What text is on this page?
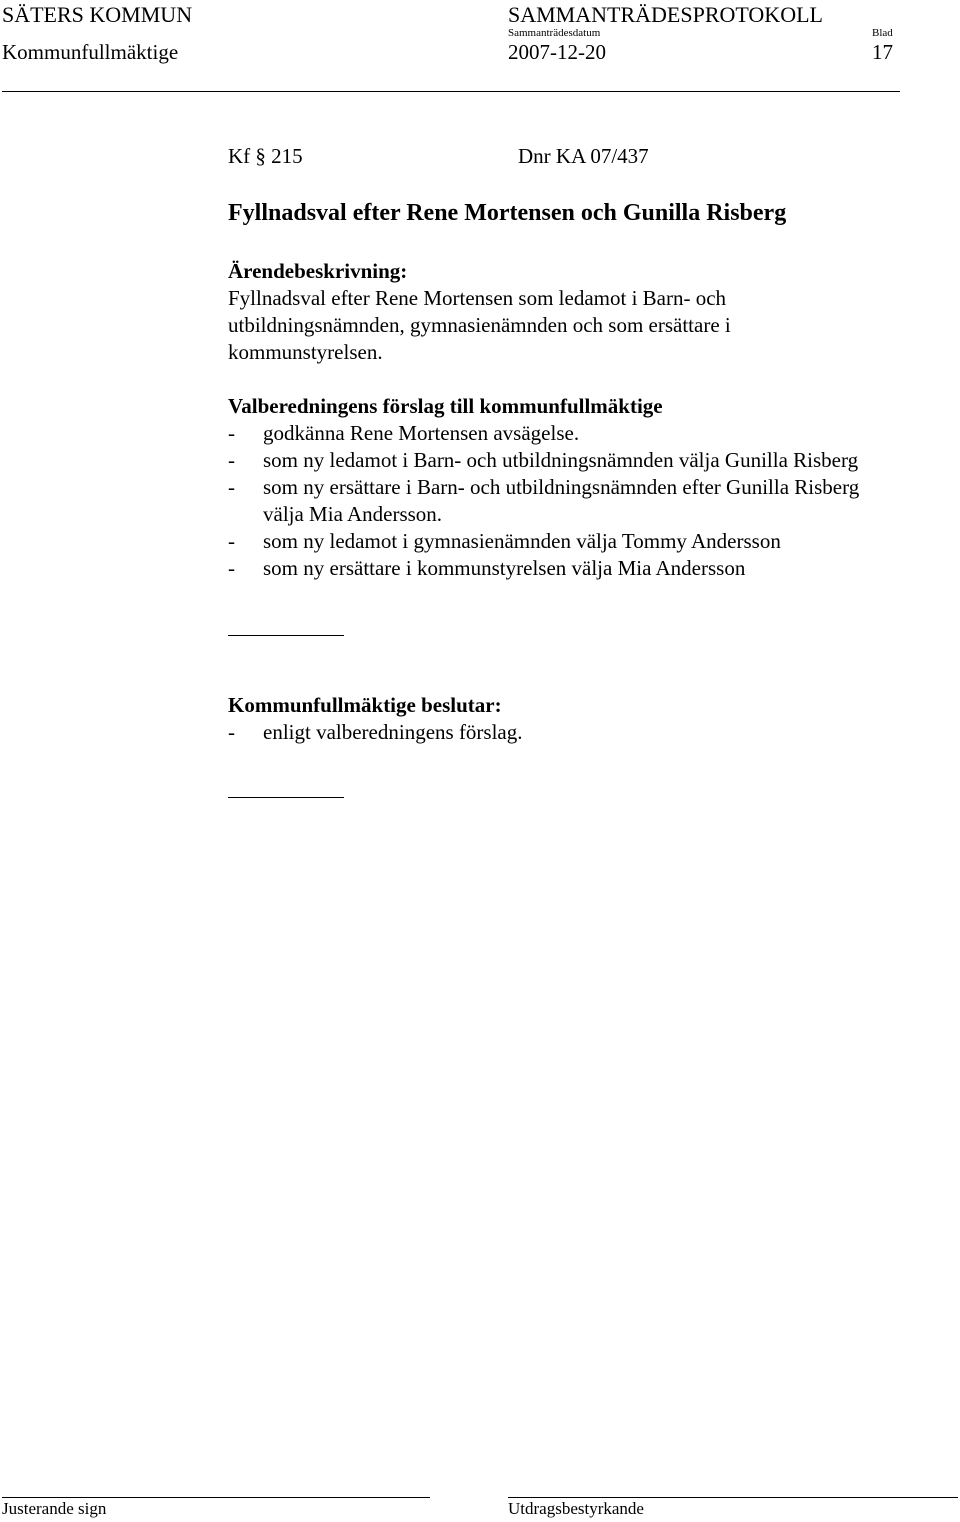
SÄTERS KOMMUN	SAMMANTRÄDESPROTOKOLL
Sammanträdesdatum	Blad
Kommunfullmäktige	2007-12-20	17
Kf § 215	Dnr KA 07/437
Fyllnadsval efter Rene Mortensen och Gunilla Risberg
Ärendebeskrivning:
Fyllnadsval efter Rene Mortensen som ledamot i Barn- och
utbildningsnämnden, gymnasienämnden och som ersättare i
kommunstyrelsen.
Valberedningens förslag till kommunfullmäktige
-	godkänna Rene Mortensen avsägelse.
-	som ny ledamot i Barn- och utbildningsnämnden välja Gunilla Risberg
-	som ny ersättare i Barn- och utbildningsnämnden efter Gunilla Risberg
välja Mia Andersson.
-	som ny ledamot i gymnasienämnden välja Tommy Andersson
-	som ny ersättare i kommunstyrelsen välja Mia Andersson
Kommunfullmäktige beslutar:
-	enligt valberedningens förslag.
Justerande sign	Utdragsbestyrkande
